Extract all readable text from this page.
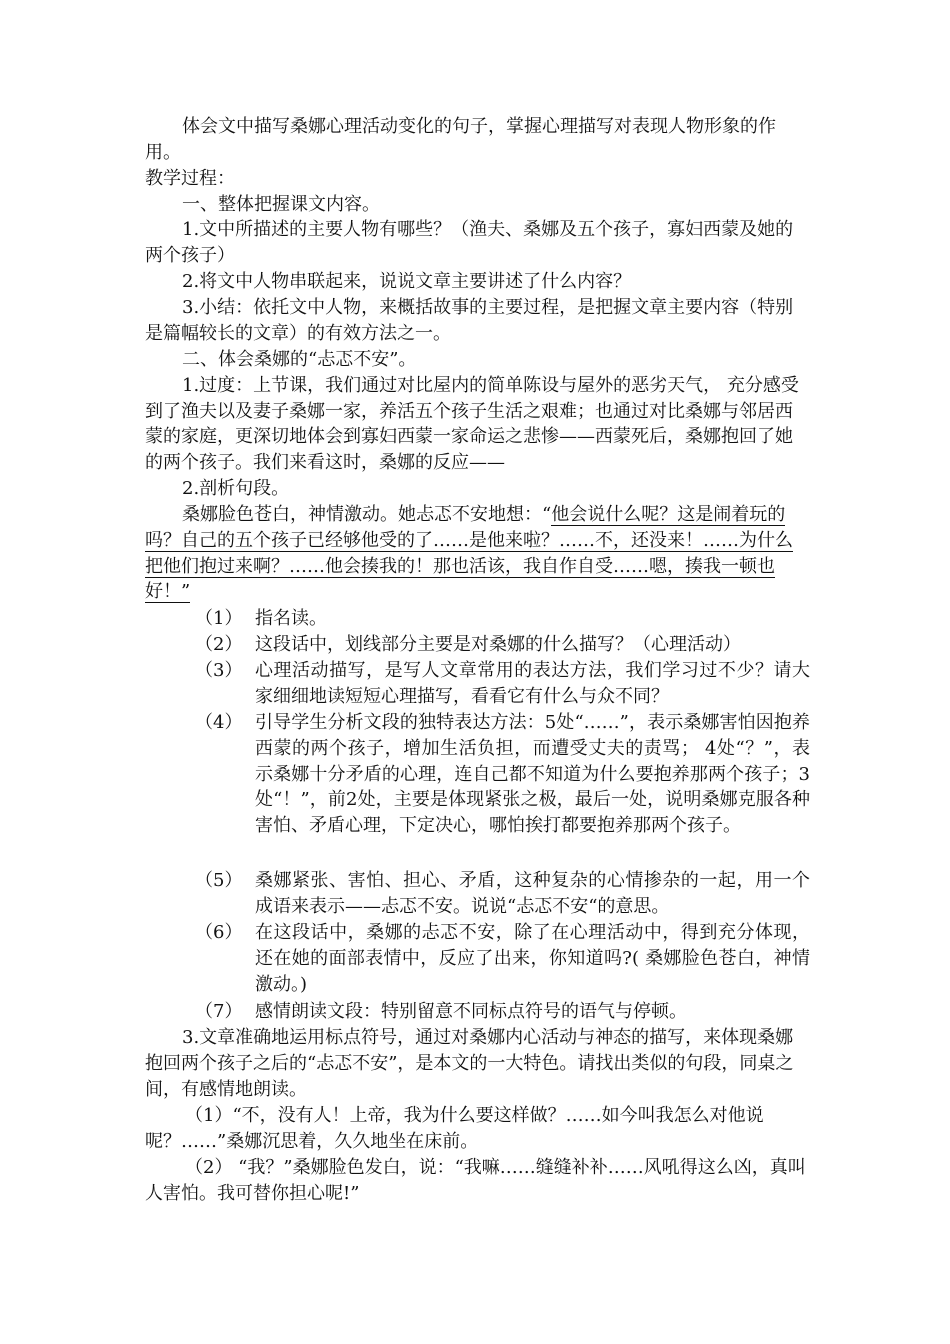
体会文中描写桑娜心理活动变化的句子，掌握心理描写对表现人物形象的作用。

教学过程：

一、整体把握课文内容。

1.文中所描述的主要人物有哪些？（渔夫、桑娜及五个孩子，寡妇西蒙及她的两个孩子）

2.将文中人物串联起来，说说文章主要讲述了什么内容？

3.小结：依托文中人物，来概括故事的主要过程，是把握文章主要内容（特别是篇幅较长的文章）的有效方法之一。

二、体会桑娜的“忐忑不安”。

1.过度：上节课，我们通过对比屋内的简单陈设与屋外的恶劣天气， 充分感受到了渔夫以及妻子桑娜一家，养活五个孩子生活之艰难；也通过对比桑娜与邻居西蒙的家庭，更深切地体会到寡妇西蒙一家命运之悲惨——西蒙死后，桑娜抱回了她的两个孩子。我们来看这时，桑娜的反应——

2.剖析句段。

桑娜脸色苍白，神情激动。她忐忑不安地想：“他会说什么呢？这是闹着玩的吗？自己的五个孩子已经够他受的了……是他来啦？……不，还没来！……为什么把他们抱过来啊？……他会揍我的！那也活该，我自作自受……嗯，揍我一顿也好！”

（1） 指名读。

（2） 这段话中，划线部分主要是对桑娜的什么描写？（心理活动）

（3） 心理活动描写，是写人文章常用的表达方法，我们学习过不少？请大家细细地读短短心理描写，看看它有什么与众不同？

（4） 引导学生分析文段的独特表达方法：5处“……”，表示桑娜害怕因抱养西蒙的两个孩子，增加生活负担，而遭受丈夫的责骂； 4处“？”，表示桑娜十分矛盾的心理，连自己都不知道为什么要抱养那两个孩子；3处“！”，前2处，主要是体现紧张之极，最后一处，说明桑娜克服各种害怕、矛盾心理，下定决心，哪怕挨打都要抱养那两个孩子。

（5） 桑娜紧张、害怕、担心、矛盾，这种复杂的心情掺杂的一起，用一个成语来表示——忐忑不安。说说“忐忑不安“的意思。

（6） 在这段话中，桑娜的忐忑不安，除了在心理活动中，得到充分体现，还在她的面部表情中，反应了出来，你知道吗?( 桑娜脸色苍白，神情激动。)

（7） 感情朗读文段：特别留意不同标点符号的语气与停顿。

3.文章准确地运用标点符号，通过对桑娜内心活动与神态的描写，来体现桑娜抱回两个孩子之后的“忐忑不安”，是本文的一大特色。请找出类似的句段，同桌之间，有感情地朗读。

（1）“不，没有人！上帝，我为什么要这样做？……如今叫我怎么对他说呢？……”桑娜沉思着，久久地坐在床前。

（2） “我？”桑娜脸色发白，说：“我嘛……缝缝补补……风吼得这么凶，真叫人害怕。我可替你担心呢!”
